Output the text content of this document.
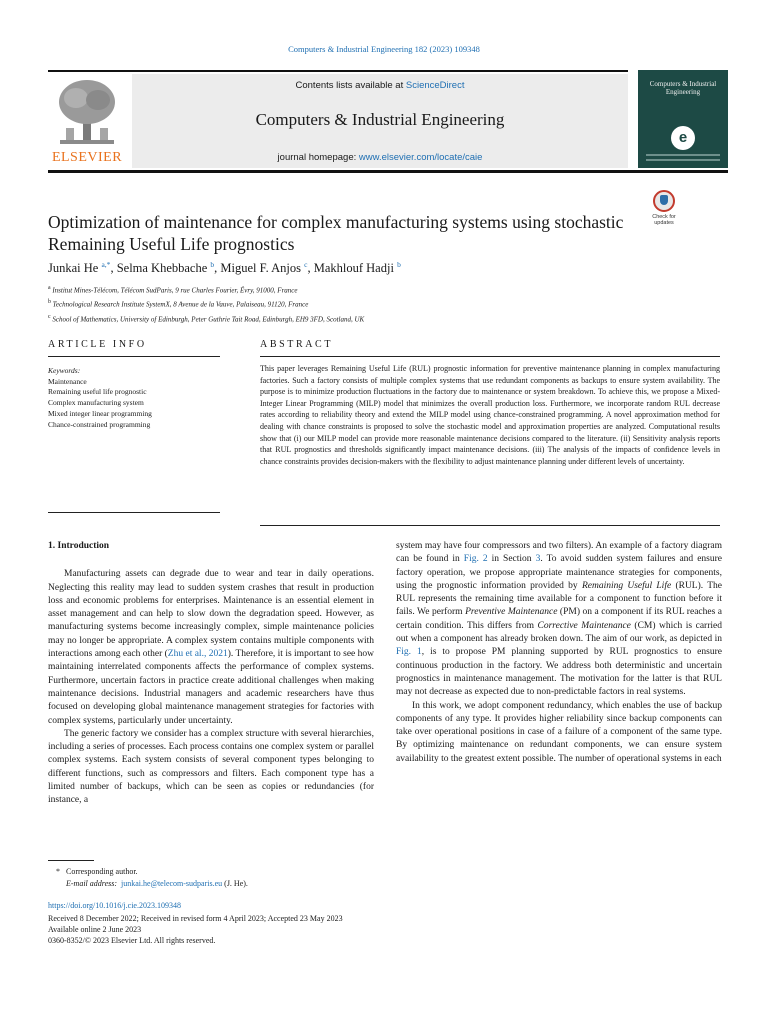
Computers & Industrial Engineering 182 (2023) 109348
ELSEVIER
Contents lists available at ScienceDirect
Computers & Industrial Engineering
journal homepage: www.elsevier.com/locate/caie
Computers & Industrial Engineering
e
Check for updates
Optimization of maintenance for complex manufacturing systems using stochastic Remaining Useful Life prognostics
Junkai He $^{a,*}$, Selma Khebbache $^b$, Miguel F. Anjos $^c$, Makhlouf Hadji $^b$
$^a$ Institut Mines-Télécom, Télécom SudParis, 9 rue Charles Fourier, Évry, 91000, France
$^b$ Technological Research Institute SystemX, 8 Avenue de la Vauve, Palaiseau, 91120, France
$^c$ School of Mathematics, University of Edinburgh, Peter Guthrie Tait Road, Edinburgh, EH9 3FD, Scotland, UK
ARTICLE INFO	ABSTRACT
Keywords:
Maintenance
Remaining useful life prognostic
Complex manufacturing system
Mixed integer linear programming
Chance-constrained programming
This paper leverages Remaining Useful Life (RUL) prognostic information for preventive maintenance planning in complex manufacturing factories. Such a factory consists of multiple complex systems that use redundant components as backups to ensure system availability. The purpose is to minimize production fluctuations in the factory due to maintenance or system breakdown. To achieve this, we propose a Mixed-Integer Linear Programming (MILP) model that minimizes the overall production loss. Furthermore, we incorporate random RUL decrease rates according to reliability theory and extend the MILP model using chance-constrained programming. A novel approximation method for dealing with chance constraints is proposed to solve the stochastic model and approximation properties are analyzed. Computational results show that (i) our MILP model can provide more reasonable maintenance decisions compared to the literature. (ii) Sensitivity analysis reports that RUL prognostics and thresholds significantly impact maintenance decisions. (iii) The analysis of the impacts of confidence levels in chance constraints provides decision-makers with the flexibility to adjust maintenance planning under different levels of uncertainty.

1. Introduction

Manufacturing assets can degrade due to wear and tear in daily operations. Neglecting this reality may lead to sudden system crashes that result in production loss and economic problems for enterprises. Maintenance is an essential element in asset management and can help to slow down the degradation speed. However, as manufacturing systems become increasingly complex, simple maintenance policies may no longer be appropriate. A complex system contains multiple components with interactions among each other (Zhu et al., 2021). Therefore, it is important to see how maintaining interrelated components affects the performance of complex systems. Furthermore, uncertain factors in practice create additional challenges when making maintenance decisions. Industrial managers and academic researchers have thus focused on developing global maintenance management strategies for factories with complex systems, particularly under uncertainty.

The generic factory we consider has a complex structure with several hierarchies, including a series of processes. Each process contains one complex system or parallel complex systems. Each system consists of several component types belonging to different functions, such as compressors and filters. Each component type has a limited number of backups, which can be seen as copies or redundancies (for instance, a

system may have four compressors and two filters). An example of a factory diagram can be found in Fig. 2 in Section 3. To avoid sudden system failures and ensure factory operation, we propose appropriate maintenance strategies for components, using the prognostic information provided by Remaining Useful Life (RUL). The RUL represents the remaining time available for a component to function before it fails. We perform Preventive Maintenance (PM) on a component if its RUL reaches a certain condition. This differs from Corrective Maintenance (CM) which is carried out when a component has already broken down. The aim of our work, as depicted in Fig. 1, is to propose PM planning supported by RUL prognostics to ensure continuous production in the factory. We address both deterministic and uncertain prognostics in maintenance management. The motivation for the latter is that RUL may not decrease as expected due to non-predictable factors in real systems.

In this work, we adopt component redundancy, which enables the use of backup components of any type. It provides higher reliability since backup components can take over operational positions in case of a failure of a component of the same type. By optimizing maintenance on redundant components, we can ensure system availability to the greatest extent possible. The number of operational systems in each

* Corresponding author.
E-mail address: junkai.he@telecom-sudparis.eu (J. He).
https://doi.org/10.1016/j.cie.2023.109348
Received 8 December 2022; Received in revised form 4 April 2023; Accepted 23 May 2023
Available online 2 June 2023
0360-8352/© 2023 Elsevier Ltd. All rights reserved.
